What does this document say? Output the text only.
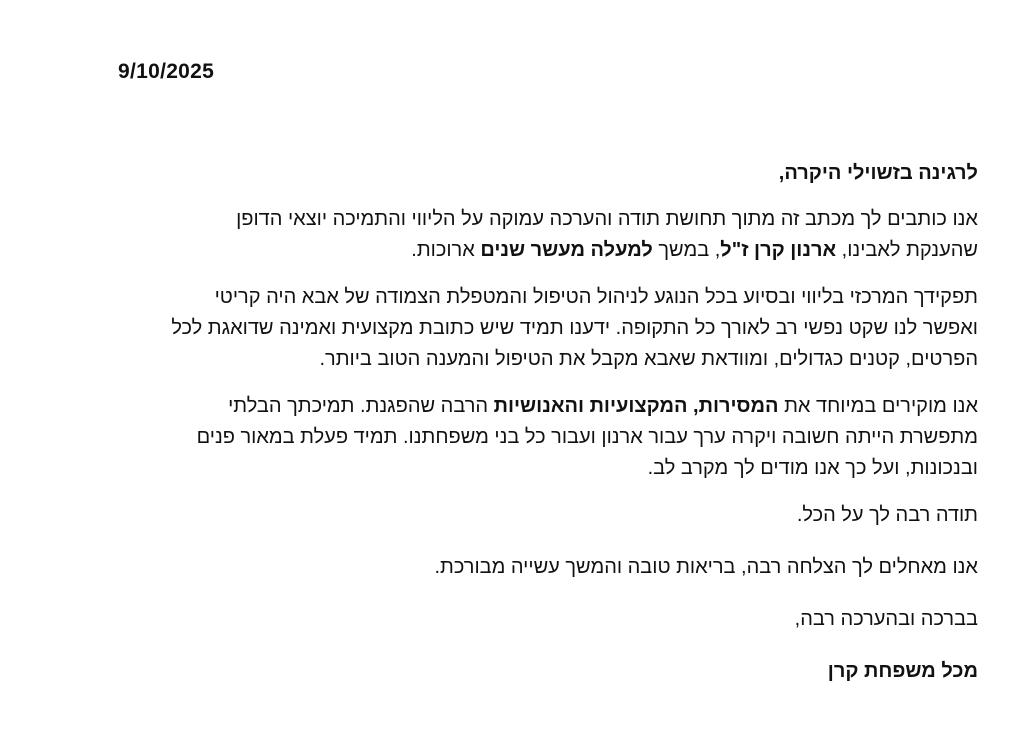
9/10/2025

לרגינה בזשוילי היקרה,

אנו כותבים לך מכתב זה מתוך תחושת תודה והערכה עמוקה על הליווי והתמיכה יוצאי הדופן
שהענקת לאבינו, ארנון קרן ז"ל, במשך למעלה מעשר שנים ארוכות.

תפקידך המרכזי בליווי ובסיוע בכל הנוגע לניהול הטיפול והמטפלת הצמודה של אבא היה קריטי
ואפשר לנו שקט נפשי רב לאורך כל התקופה. ידענו תמיד שיש כתובת מקצועית ואמינה שדואגת לכל
הפרטים, קטנים כגדולים, ומוודאת שאבא מקבל את הטיפול והמענה הטוב ביותר.

אנו מוקירים במיוחד את המסירות, המקצועיות והאנושיות הרבה שהפגנת. תמיכתך הבלתי
מתפשרת הייתה חשובה ויקרה ערך עבור ארנון ועבור כל בני משפחתנו. תמיד פעלת במאור פנים
ובנכונות, ועל כך אנו מודים לך מקרב לב.

תודה רבה לך על הכל.

אנו מאחלים לך הצלחה רבה, בריאות טובה והמשך עשייה מבורכת.

בברכה ובהערכה רבה,

מכל משפחת קרן
